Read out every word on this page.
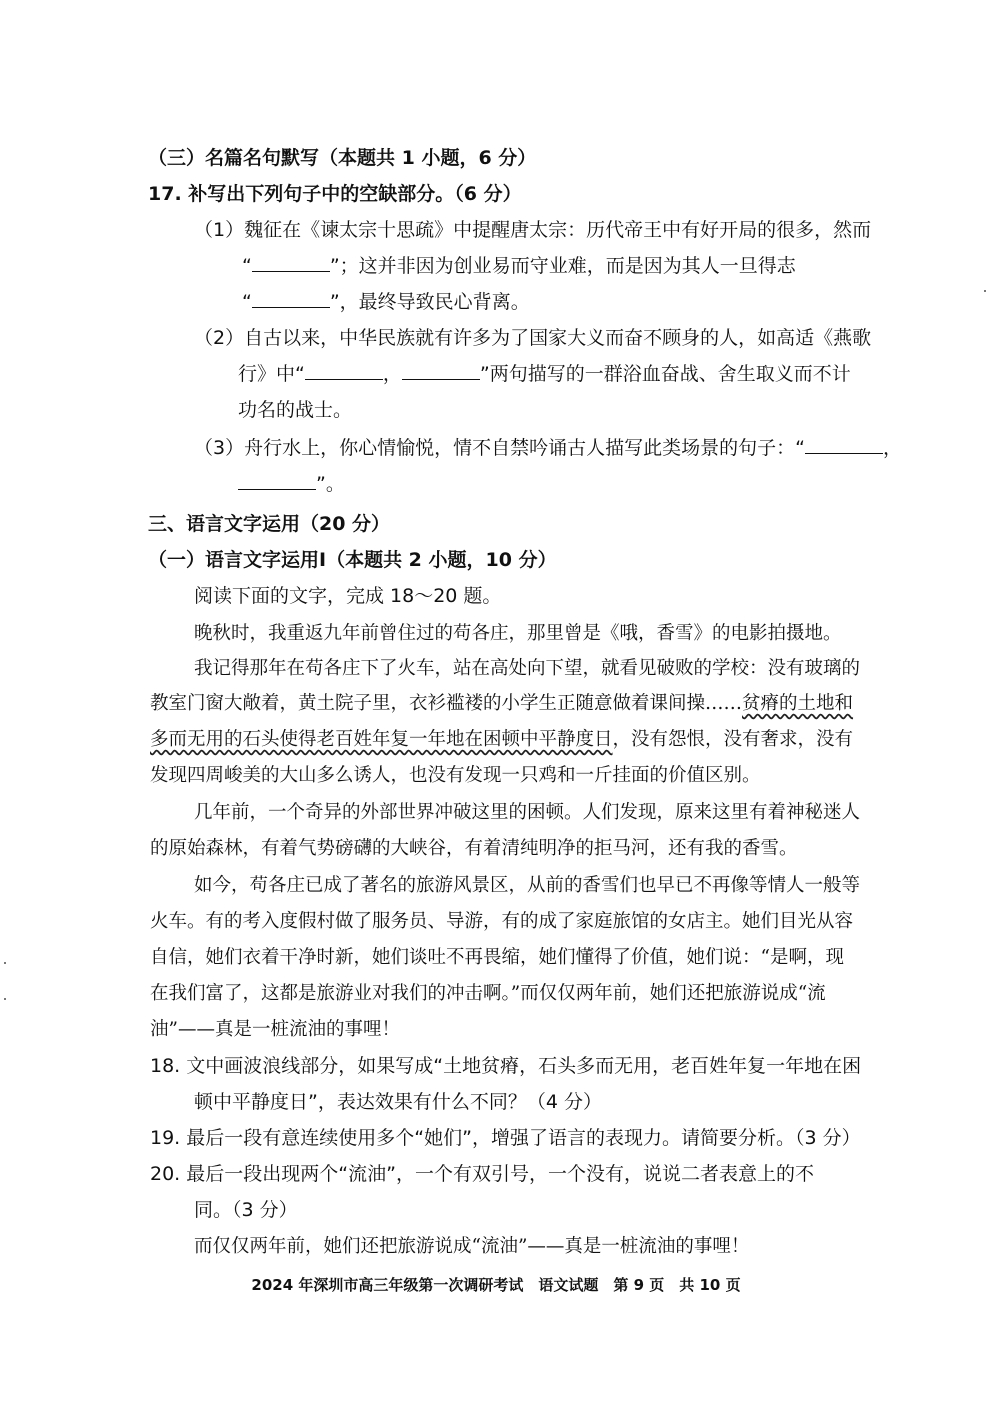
（三）名篇名句默写（本题共 1 小题，6 分）
17. 补写出下列句子中的空缺部分。（6 分）
（1）魏征在《谏太宗十思疏》中提醒唐太宗：历代帝王中有好开局的很多，然而
“	”；这并非因为创业易而守业难，而是因为其人一旦得志
“	”，最终导致民心背离。
（2）自古以来，中华民族就有许多为了国家大义而奋不顾身的人，如高适《燕歌
行》中“	，	”两句描写的一群浴血奋战、舍生取义而不计
功名的战士。
（3）舟行水上，你心情愉悦，情不自禁吟诵古人描写此类场景的句子：“	，
”。
三、语言文字运用（20 分）
（一）语言文字运用Ⅰ（本题共 2 小题，10 分）
阅读下面的文字，完成 18～20 题。
晚秋时，我重返九年前曾住过的苟各庄，那里曾是《哦，香雪》的电影拍摄地。
我记得那年在苟各庄下了火车，站在高处向下望，就看见破败的学校：没有玻璃的
教室门窗大敞着，黄土院子里，衣衫褴褛的小学生正随意做着课间操……贫瘠的土地和
多而无用的石头使得老百姓年复一年地在困顿中平静度日，没有怨恨，没有奢求，没有
发现四周峻美的大山多么诱人，也没有发现一只鸡和一斤挂面的价值区别。
几年前，一个奇异的外部世界冲破这里的困顿。人们发现，原来这里有着神秘迷人
的原始森林，有着气势磅礴的大峡谷，有着清纯明净的拒马河，还有我的香雪。
如今，苟各庄已成了著名的旅游风景区，从前的香雪们也早已不再像等情人一般等
火车。有的考入度假村做了服务员、导游，有的成了家庭旅馆的女店主。她们目光从容
自信，她们衣着干净时新，她们谈吐不再畏缩，她们懂得了价值，她们说：“是啊，现
在我们富了，这都是旅游业对我们的冲击啊。”而仅仅两年前，她们还把旅游说成“流
油”——真是一桩流油的事哩！
18. 文中画波浪线部分，如果写成“土地贫瘠，石头多而无用，老百姓年复一年地在困
顿中平静度日”，表达效果有什么不同？（4 分）
19. 最后一段有意连续使用多个“她们”，增强了语言的表现力。请简要分析。（3 分）
20. 最后一段出现两个“流油”，一个有双引号，一个没有，说说二者表意上的不
同。（3 分）
而仅仅两年前，她们还把旅游说成“流油”——真是一桩流油的事哩！
2024 年深圳市高三年级第一次调研考试　语文试题　第 9 页　共 10 页
